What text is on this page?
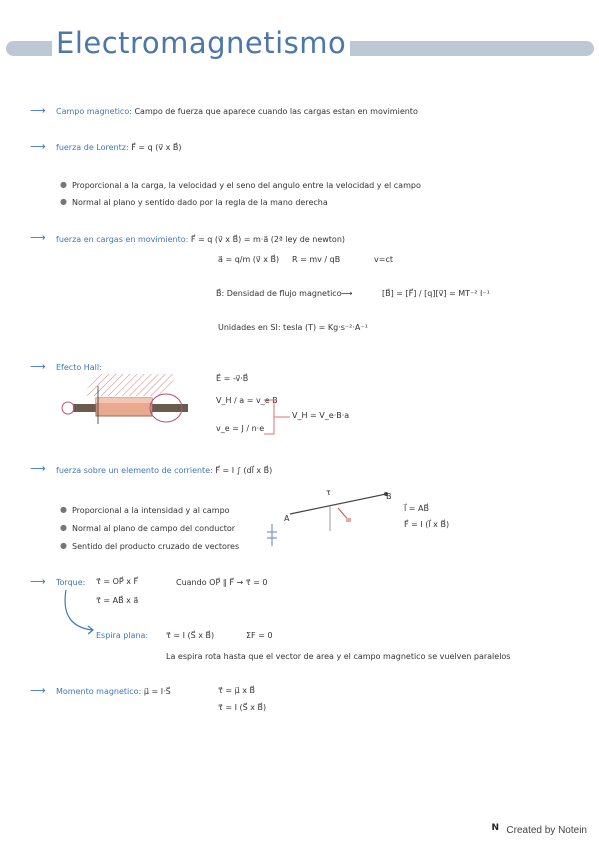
Electromagnetismo
⟶ Campo magnetico: Campo de fuerza que aparece cuando las cargas estan en movimiento
⟶ fuerza de Lorentz: F⃗ = q (v⃗ x B⃗)
● Proporcional a la carga, la velocidad y el seno del angulo entre la velocidad y el campo
● Normal al plano y sentido dado por la regla de la mano derecha
⟶ fuerza en cargas en movimiento: F⃗ = q (v⃗ x B⃗) = m·a⃗ (2ª ley de newton)
a⃗ = q/m (v⃗ x B⃗) R = mv / qB	v=ct
B⃗: Densidad de flujo magnetico ⟶	[B⃗] = [F⃗] / [q][v⃗] = MT⁻² I⁻¹
Unidades en SI: tesla (T) = Kg·s⁻²·A⁻¹
⟶ Efecto Hall:
E⃗ = -v⃗·B⃗
V_H / a = v_e·B
v_e = J / n·e
V_H = V_e·B·a
⟶ fuerza sobre un elemento de corriente: F⃗ = I ∫ (dl⃗ x B⃗)
● Proporcional a la intensidad y al campo
● Normal al plano de campo del conductor
● Sentido del producto cruzado de vectores
τ
A
B
l⃗ = AB⃗
F⃗ = I (l⃗ x B⃗)
⟶ Torque: τ⃗ = OP⃗ x F⃗
τ⃗ = AB⃗ x a⃗
Cuando OP⃗ ∥ F⃗ → τ⃗ = 0
Espira plana: τ⃗ = I (S⃗ x B⃗)	ΣF = 0
La espira rota hasta que el vector de area y el campo magnetico se vuelven paralelos
⟶ Momento magnetico: μ⃗ = I·S⃗	τ⃗ = μ⃗ x B⃗
τ⃗ = I (S⃗ x B⃗)
N Created by Notein
